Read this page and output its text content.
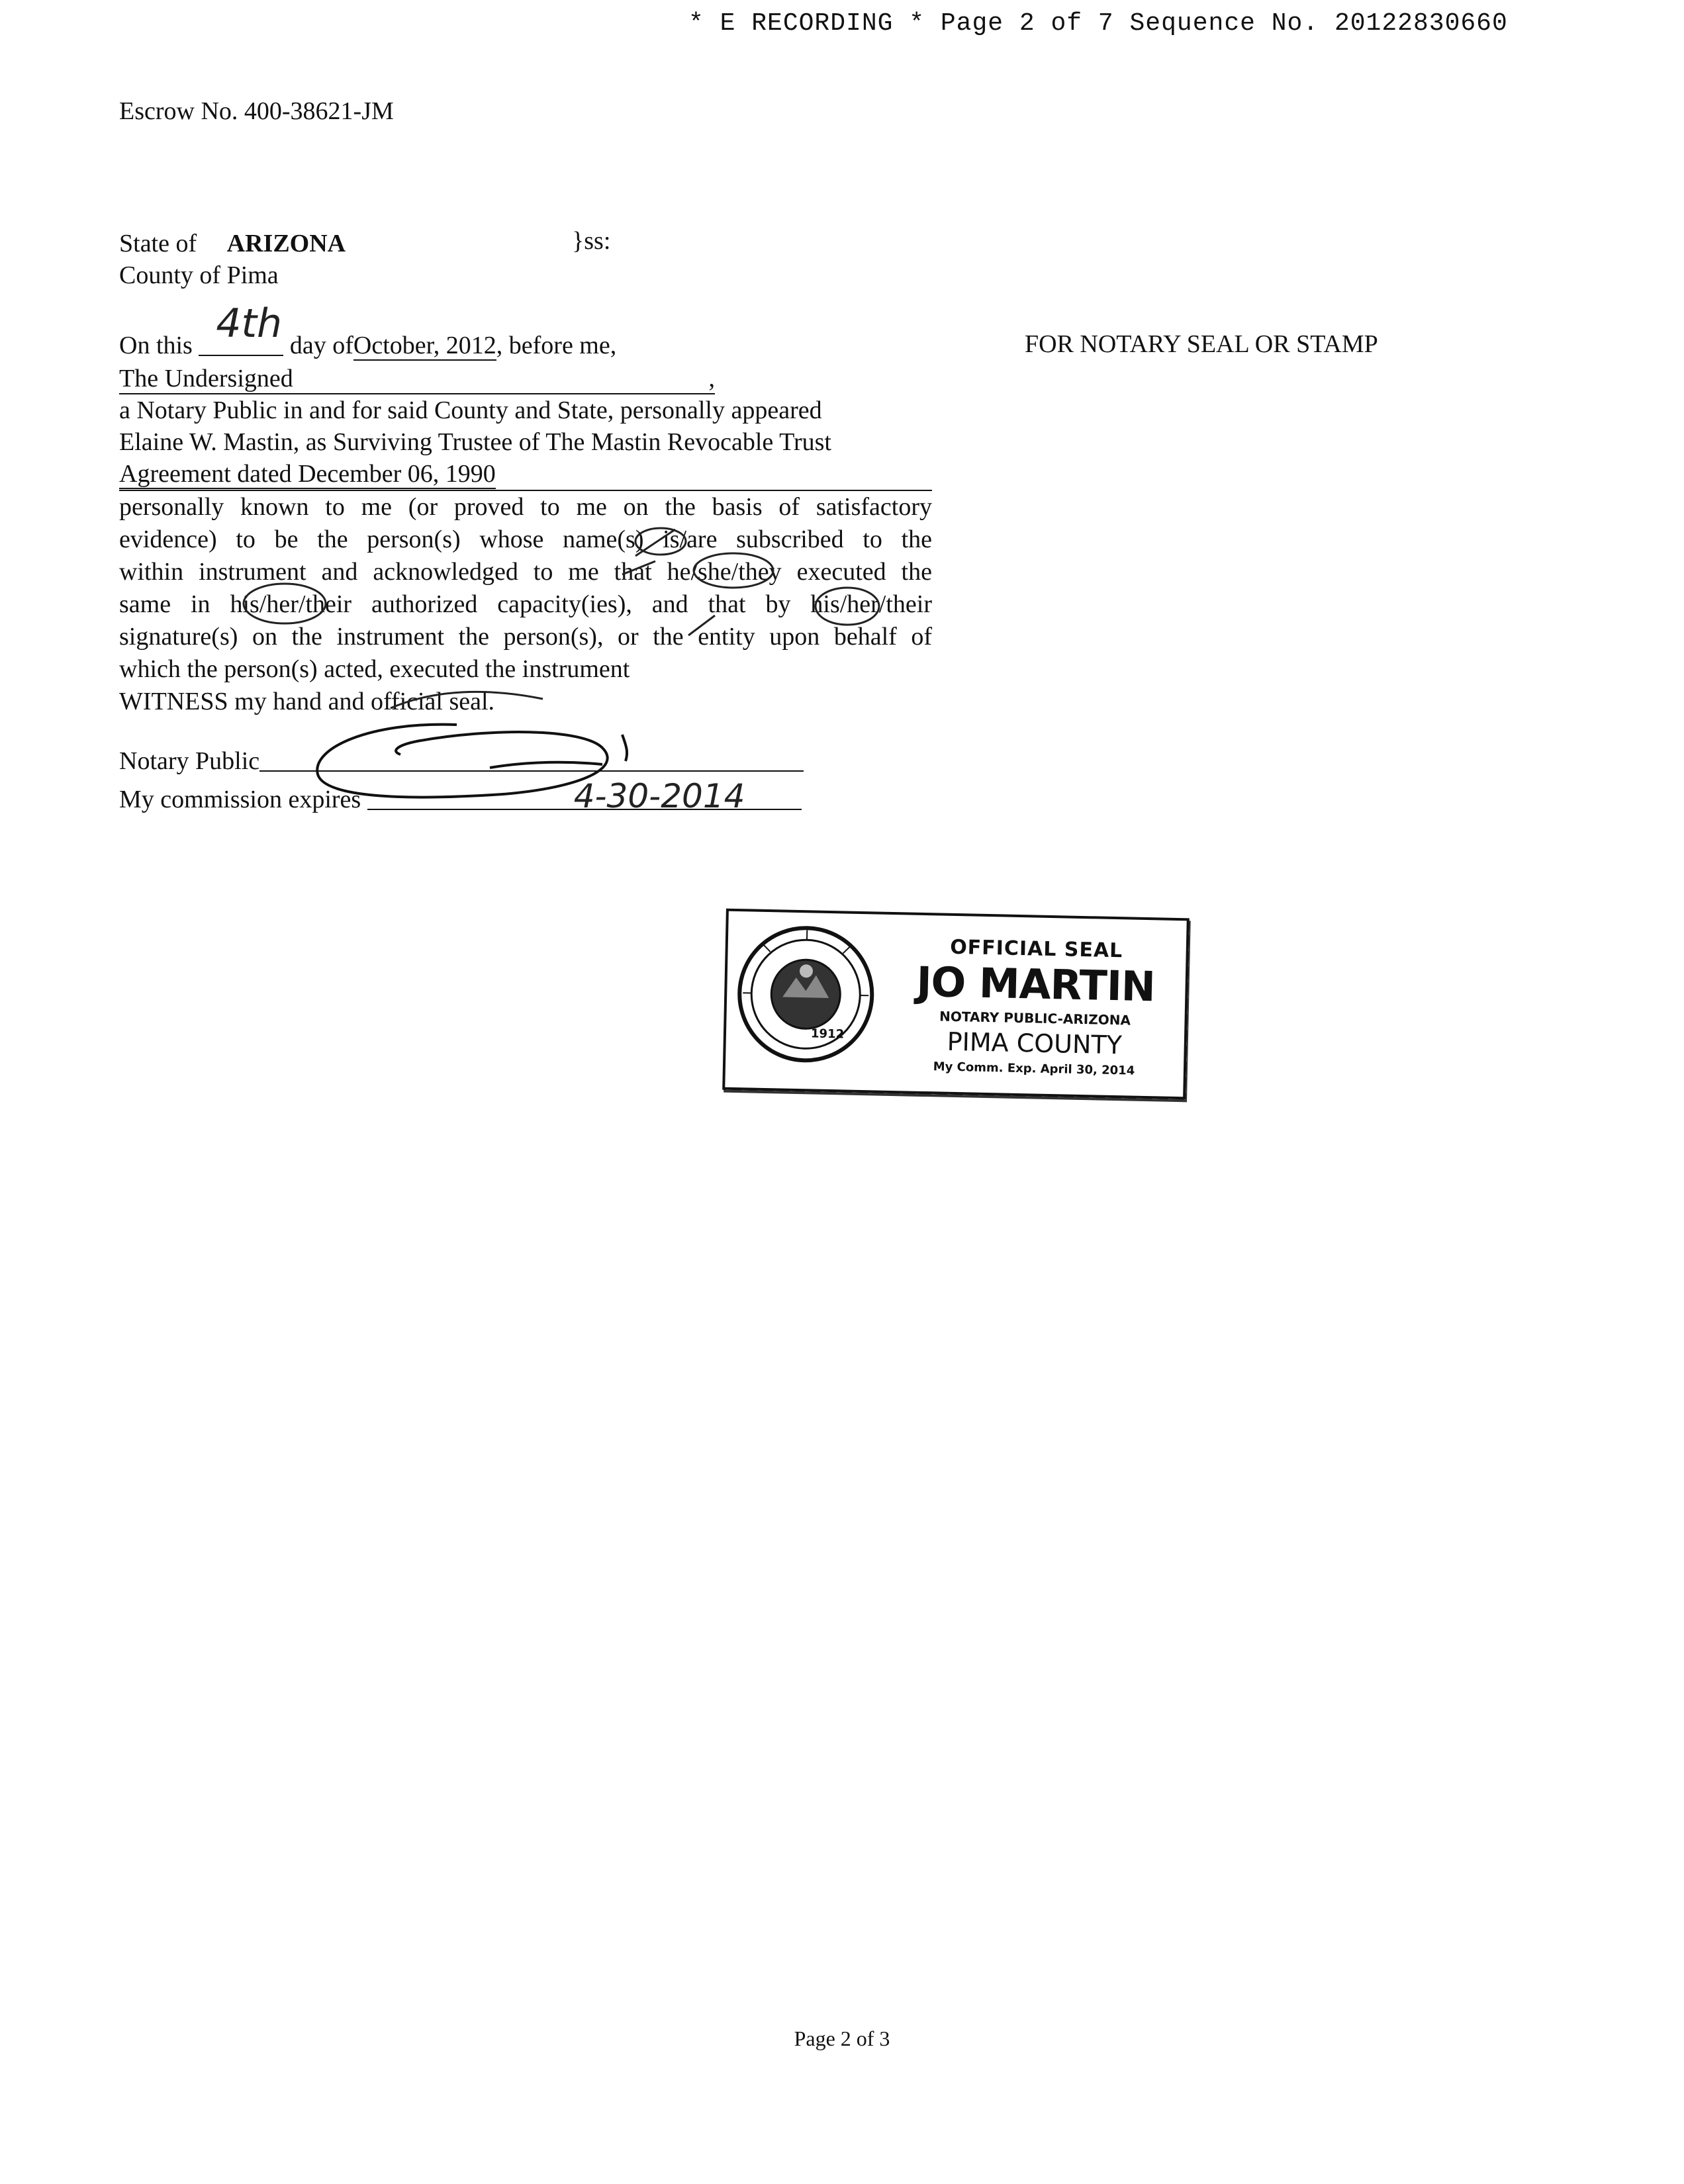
* E RECORDING * Page 2 of 7 Sequence No. 20122830660
Escrow No. 400-38621-JM
State of ARIZONA	}ss:
County of Pima
On this 4th day ofOctober, 2012, before me,	FOR NOTARY SEAL OR STAMP
The Undersigned	,
a Notary Public in and for said County and State, personally appeared
Elaine W. Mastin, as Surviving Trustee of The Mastin Revocable Trust
Agreement dated December 06, 1990
personally known to me (or proved to me on the basis of satisfactory
evidence) to be the person(s) whose name(s) is/are subscribed to the
within instrument and acknowledged to me that he/she/they executed the
same in his/her/their authorized capacity(ies), and that by his/her/their
signature(s) on the instrument the person(s), or the entity upon behalf of
which the person(s) acted, executed the instrument
WITNESS my hand and official seal.
Notary Public
My commission expires	4-30-2014
1912
OFFICIAL SEAL
JO MARTIN
NOTARY PUBLIC-ARIZONA
PIMA COUNTY
My Comm. Exp. April 30, 2014
Page 2 of 3
